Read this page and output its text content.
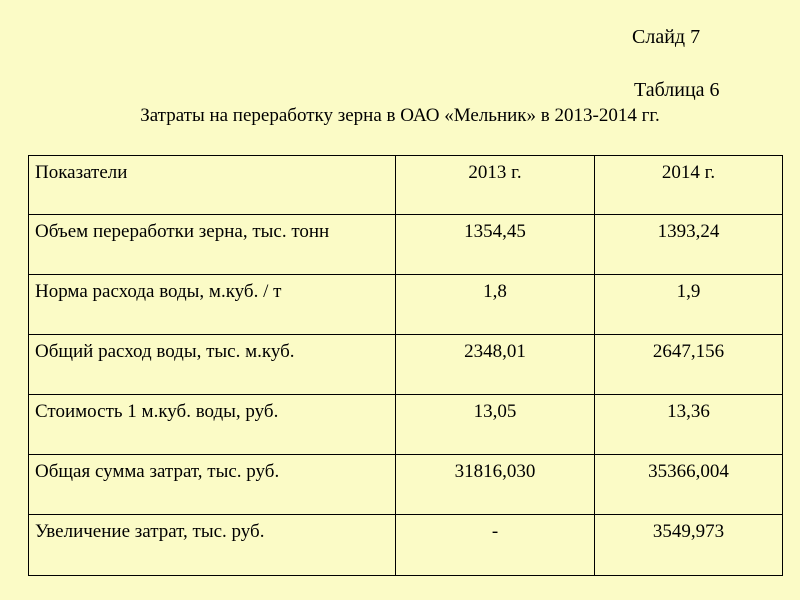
Слайд 7
Таблица 6
Затраты на переработку зерна в ОАО «Мельник» в 2013-2014 гг.
Показатели	2013 г.	2014 г.
Объем переработки зерна, тыс. тонн	1354,45	1393,24
Норма расхода воды, м.куб. / т	1,8	1,9
Общий расход воды, тыс. м.куб.	2348,01	2647,156
Стоимость 1 м.куб. воды, руб.	13,05	13,36
Общая сумма затрат, тыс. руб.	31816,030	35366,004
Увеличение затрат, тыс. руб.	-	3549,973
